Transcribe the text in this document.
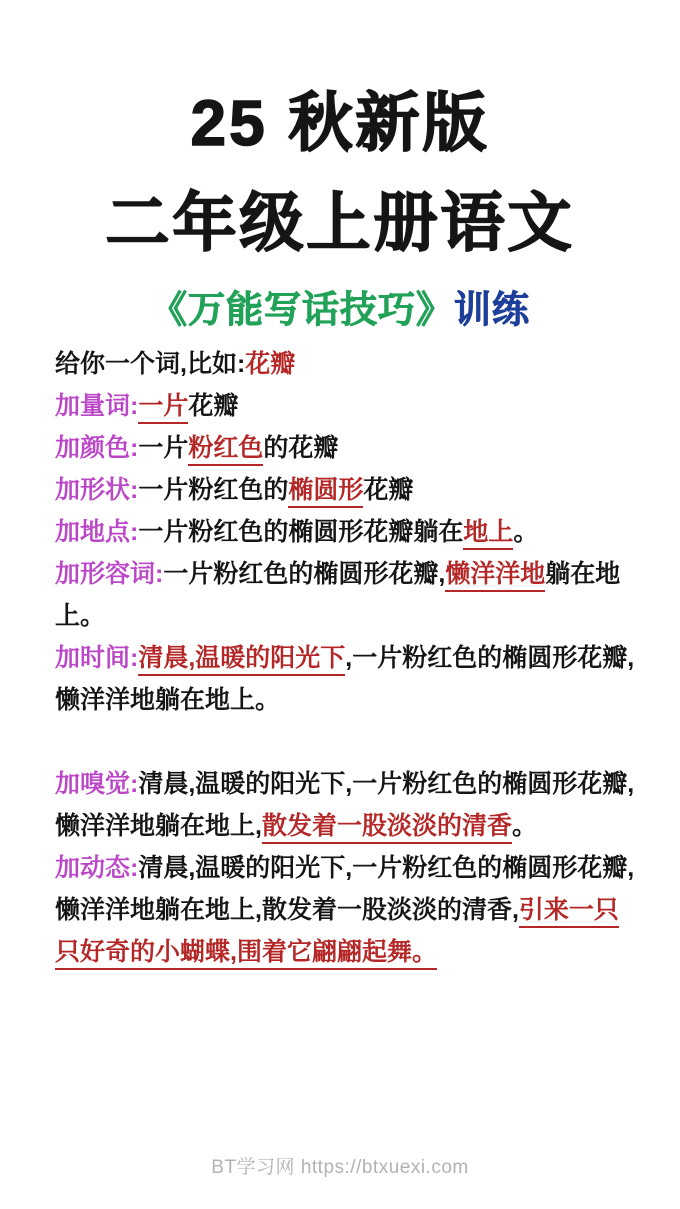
25 秋新版
二年级上册语文
《万能写话技巧》训练

给你一个词,比如:花瓣

加量词:一片花瓣

加颜色:一片粉红色的花瓣

加形状:一片粉红色的椭圆形花瓣

加地点:一片粉红色的椭圆形花瓣躺在地上。

加形容词:一片粉红色的椭圆形花瓣,懒洋洋地躺在地上。

加时间:清晨,温暖的阳光下,一片粉红色的椭圆形花瓣,懒洋洋地躺在地上。

加嗅觉:清晨,温暖的阳光下,一片粉红色的椭圆形花瓣,懒洋洋地躺在地上,散发着一股淡淡的清香。

加动态:清晨,温暖的阳光下,一片粉红色的椭圆形花瓣,懒洋洋地躺在地上,散发着一股淡淡的清香,引来一只只好奇的小蝴蝶,围着它翩翩起舞。

BT学习网 https://btxuexi.com
